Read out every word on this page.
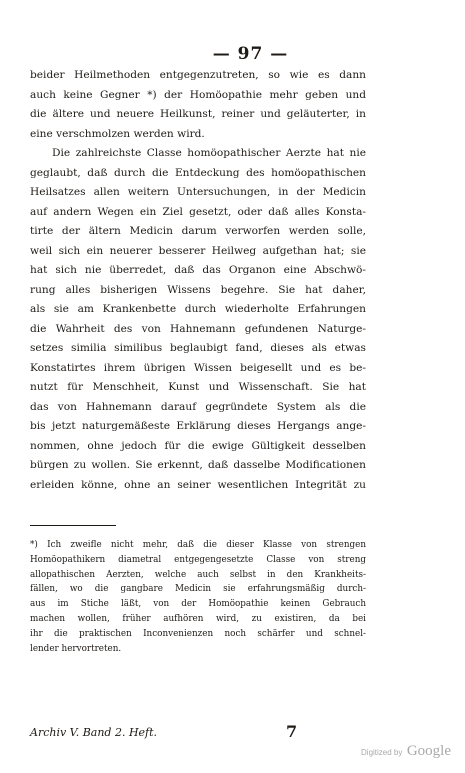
— 97 —
beider Heilmethoden entgegenzutreten, so wie es dann
auch keine Gegner *) der Homöopathie mehr geben und
die ältere und neuere Heilkunst, reiner und geläuterter, in
eine verschmolzen werden wird.
Die zahlreichste Classe homöopathischer Aerzte hat nie
geglaubt, daß durch die Entdeckung des homöopathischen
Heilsatzes allen weitern Untersuchungen, in der Medicin
auf andern Wegen ein Ziel gesetzt, oder daß alles Konsta-
tirte der ältern Medicin darum verworfen werden solle,
weil sich ein neuerer besserer Heilweg aufgethan hat; sie
hat sich nie überredet, daß das Organon eine Abschwö-
rung alles bisherigen Wissens begehre. Sie hat daher,
als sie am Krankenbette durch wiederholte Erfahrungen
die Wahrheit des von Hahnemann gefundenen Naturge-
setzes similia similibus beglaubigt fand, dieses als etwas
Konstatirtes ihrem übrigen Wissen beigesellt und es be-
nutzt für Menschheit, Kunst und Wissenschaft. Sie hat
das von Hahnemann darauf gegründete System als die
bis jetzt naturgemäßeste Erklärung dieses Hergangs ange-
nommen, ohne jedoch für die ewige Gültigkeit desselben
bürgen zu wollen. Sie erkennt, daß dasselbe Modificationen
erleiden könne, ohne an seiner wesentlichen Integrität zu
*) Ich zweifle nicht mehr, daß die dieser Klasse von strengen
Homöopathikern diametral entgegengesetzte Classe von streng
allopathischen Aerzten, welche auch selbst in den Krankheits-
fällen, wo die gangbare Medicin sie erfahrungsmäßig durch-
aus im Stiche läßt, von der Homöopathie keinen Gebrauch
machen wollen, früher aufhören wird, zu existiren, da bei
ihr die praktischen Inconvenienzen noch schärfer und schnel-
lender hervortreten.
Archiv V. Band 2. Heft.	7
Digitized by Google
